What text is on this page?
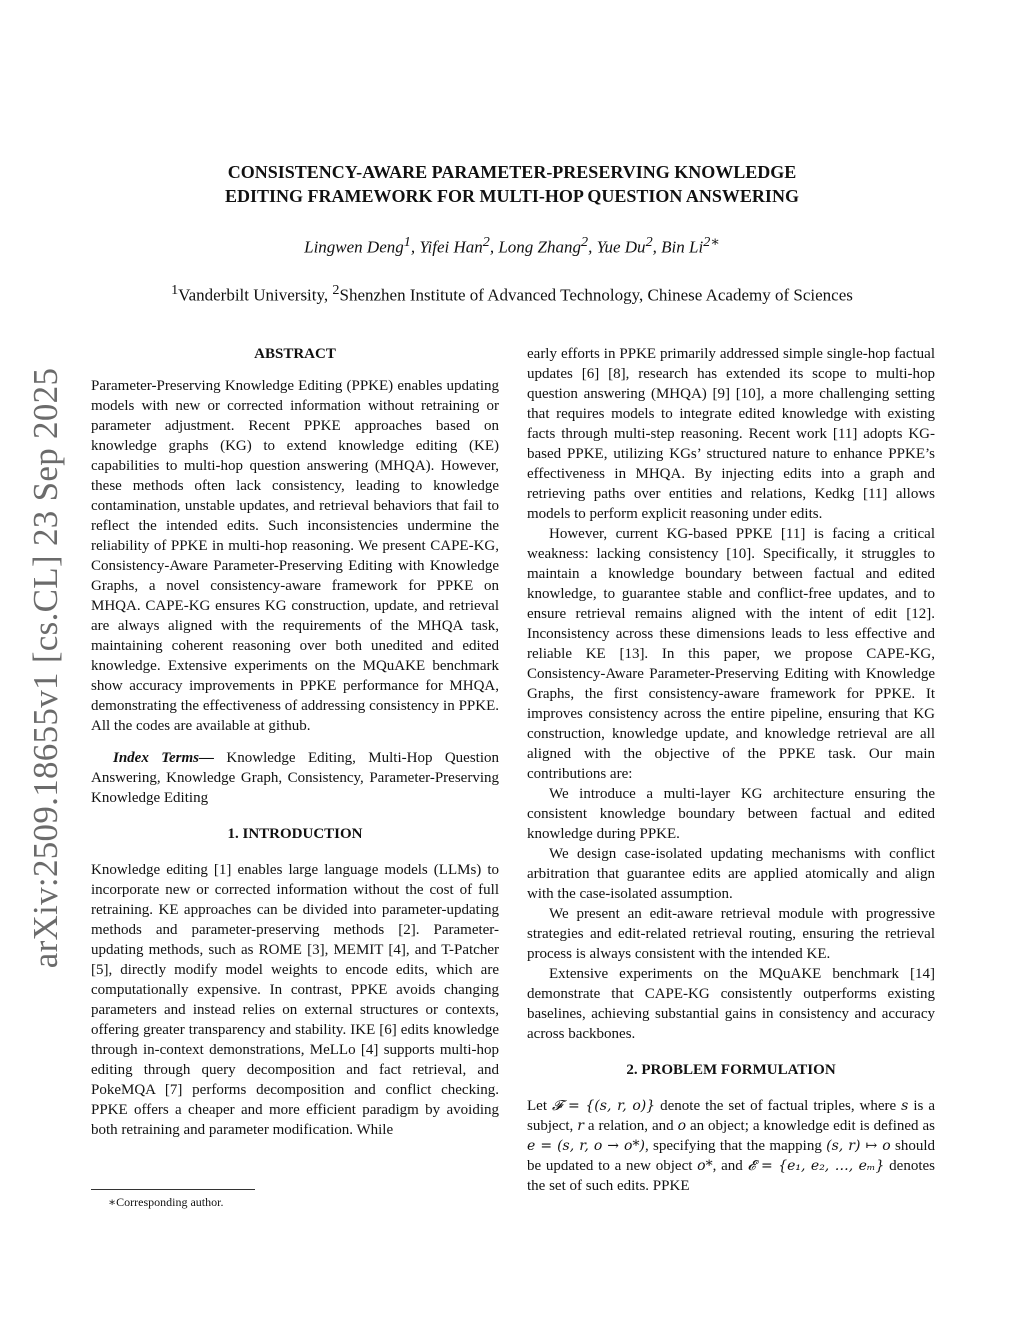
arXiv:2509.18655v1 [cs.CL] 23 Sep 2025
CONSISTENCY-AWARE PARAMETER-PRESERVING KNOWLEDGE
EDITING FRAMEWORK FOR MULTI-HOP QUESTION ANSWERING
Lingwen Deng$^1$, Yifei Han$^2$, Long Zhang$^2$, Yue Du$^2$, Bin $Li^{2∗}$
$^1$Vanderbilt University, $^2$Shenzhen Institute of Advanced Technology, Chinese Academy of Sciences
ABSTRACT

Parameter-Preserving Knowledge Editing (PPKE) enables updating models with new or corrected information without retraining or parameter adjustment. Recent PPKE approaches based on knowledge graphs (KG) to extend knowledge editing (KE) capabilities to multi-hop question answering (MHQA). However, these methods often lack consistency, leading to knowledge contamination, unstable updates, and retrieval behaviors that fail to reflect the intended edits. Such inconsistencies undermine the reliability of PPKE in multi-hop reasoning. We present CAPE-KG, Consistency-Aware Parameter-Preserving Editing with Knowledge Graphs, a novel consistency-aware framework for PPKE on MHQA. CAPE-KG ensures KG construction, update, and retrieval are always aligned with the requirements of the MHQA task, maintaining coherent reasoning over both unedited and edited knowledge. Extensive experiments on the MQuAKE benchmark show accuracy improvements in PPKE performance for MHQA, demonstrating the effectiveness of addressing consistency in PPKE. All the codes are available at github.

Index Terms— Knowledge Editing, Multi-Hop Question Answering, Knowledge Graph, Consistency, Parameter-Preserving Knowledge Editing

1. INTRODUCTION

Knowledge editing [1] enables large language models (LLMs) to incorporate new or corrected information without the cost of full retraining. KE approaches can be divided into parameter-updating methods and parameter-preserving methods [2]. Parameter-updating methods, such as ROME [3], MEMIT [4], and T-Patcher [5], directly modify model weights to encode edits, which are computationally expensive. In contrast, PPKE avoids changing parameters and instead relies on external structures or contexts, offering greater transparency and stability. IKE [6] edits knowledge through in-context demonstrations, MeLLo [4] supports multi-hop editing through query decomposition and fact retrieval, and PokeMQA [7] performs decomposition and conflict checking. PPKE offers a cheaper and more efficient paradigm by avoiding both retraining and parameter modification. While

∗Corresponding author.

early efforts in PPKE primarily addressed simple single-hop factual updates [6] [8], research has extended its scope to multi-hop question answering (MHQA) [9] [10], a more challenging setting that requires models to integrate edited knowledge with existing facts through multi-step reasoning. Recent work [11] adopts KG-based PPKE, utilizing KGs’ structured nature to enhance PPKE’s effectiveness in MHQA. By injecting edits into a graph and retrieving paths over entities and relations, Kedkg [11] allows models to perform explicit reasoning under edits.

However, current KG-based PPKE [11] is facing a critical weakness: lacking consistency [10]. Specifically, it struggles to maintain a knowledge boundary between factual and edited knowledge, to guarantee stable and conflict-free updates, and to ensure retrieval remains aligned with the intent of edit [12]. Inconsistency across these dimensions leads to less effective and reliable KE [13]. In this paper, we propose CAPE-KG, Consistency-Aware Parameter-Preserving Editing with Knowledge Graphs, the first consistency-aware framework for PPKE. It improves consistency across the entire pipeline, ensuring that KG construction, knowledge update, and knowledge retrieval are all aligned with the objective of the PPKE task. Our main contributions are:

We introduce a multi-layer KG architecture ensuring the consistent knowledge boundary between factual and edited knowledge during PPKE.

We design case-isolated updating mechanisms with conflict arbitration that guarantee edits are applied atomically and align with the case-isolated assumption.

We present an edit-aware retrieval module with progressive strategies and edit-related retrieval routing, ensuring the retrieval process is always consistent with the intended KE.

Extensive experiments on the MQuAKE benchmark [14] demonstrate that CAPE-KG consistently outperforms existing baselines, achieving substantial gains in consistency and accuracy across backbones.

2. PROBLEM FORMULATION

Let 𝓕 = {(s, r, o)} denote the set of factual triples, where s is a subject, r a relation, and o an object; a knowledge edit is defined as e = (s, r, o → o*), specifying that the mapping (s, r) ↦ o should be updated to a new object o*, and 𝓔 = {e₁, e₂, …, eₘ} denotes the set of such edits. PPKE
